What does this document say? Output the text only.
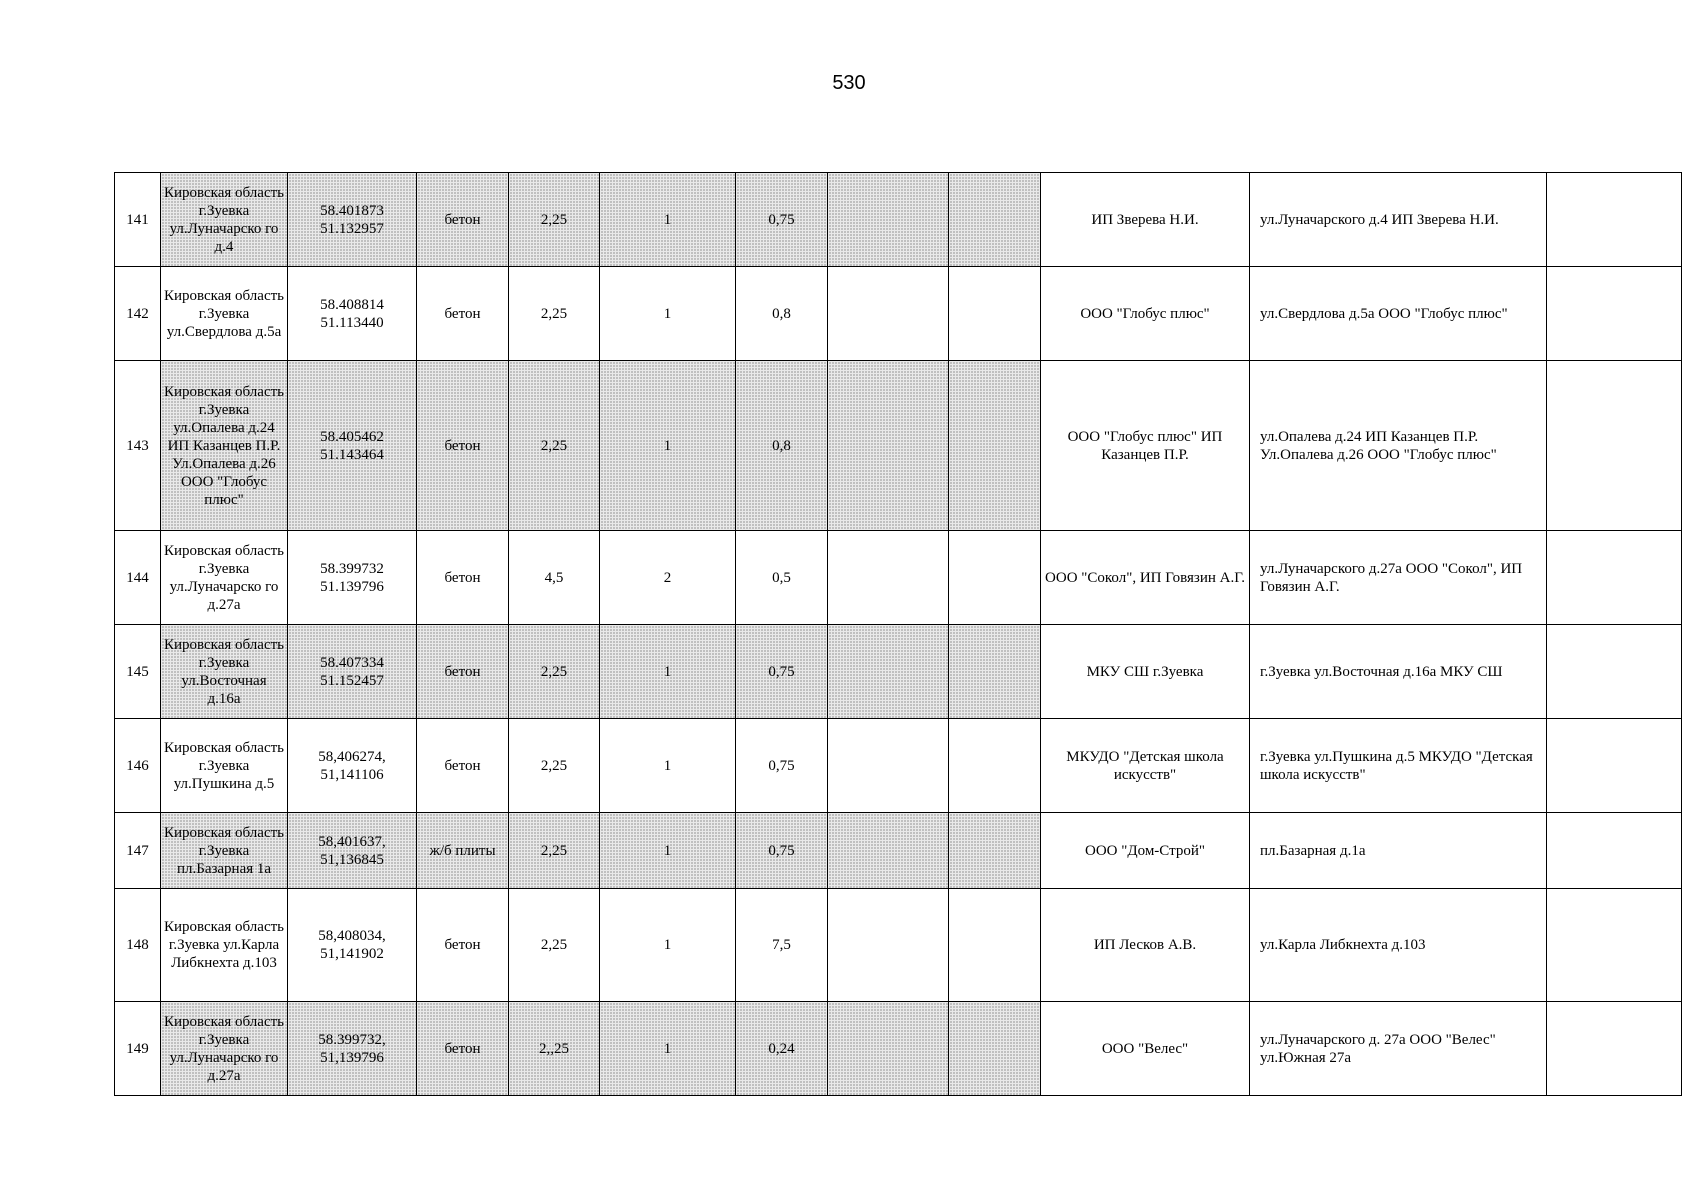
530
141	Кировская область г.Зуевка ул.Луначарско го д.4	58.401873 51.132957	бетон	2,25	1	0,75			ИП Зверева Н.И.	ул.Луначарского д.4 ИП Зверева Н.И.	
142	Кировская область г.Зуевка ул.Свердлова д.5а	58.408814 51.113440	бетон	2,25	1	0,8			ООО "Глобус плюс"	ул.Свердлова д.5а ООО "Глобус плюс"	
143	Кировская область г.Зуевка ул.Опалева д.24 ИП Казанцев П.Р. Ул.Опалева д.26 ООО "Глобус плюс"	58.405462 51.143464	бетон	2,25	1	0,8			ООО "Глобус плюс" ИП Казанцев П.Р.	ул.Опалева д.24 ИП Казанцев П.Р. Ул.Опалева д.26 ООО "Глобус плюс"	
144	Кировская область г.Зуевка ул.Луначарско го д.27а	58.399732 51.139796	бетон	4,5	2	0,5			ООО "Сокол", ИП Говязин А.Г.	ул.Луначарского д.27а ООО "Сокол", ИП Говязин А.Г.	
145	Кировская область г.Зуевка ул.Восточная д.16а	58.407334 51.152457	бетон	2,25	1	0,75			МКУ СШ г.Зуевка	г.Зуевка ул.Восточная д.16а МКУ СШ	
146	Кировская область г.Зуевка ул.Пушкина д.5	58,406274, 51,141106	бетон	2,25	1	0,75			МКУДО "Детская школа искусств"	г.Зуевка ул.Пушкина д.5 МКУДО "Детская школа искусств"	
147	Кировская область г.Зуевка пл.Базарная 1а	58,401637, 51,136845	ж/б плиты	2,25	1	0,75			ООО "Дом-Строй"	пл.Базарная д.1а	
148	Кировская область г.Зуевка ул.Карла Либкнехта д.103	58,408034, 51,141902	бетон	2,25	1	7,5			ИП Лесков А.В.	ул.Карла Либкнехта д.103	
149	Кировская область г.Зуевка ул.Луначарско го д.27а	58.399732, 51,139796	бетон	2,,25	1	0,24			ООО "Велес"	ул.Луначарского д. 27а ООО "Велес" ул.Южная 27а	
